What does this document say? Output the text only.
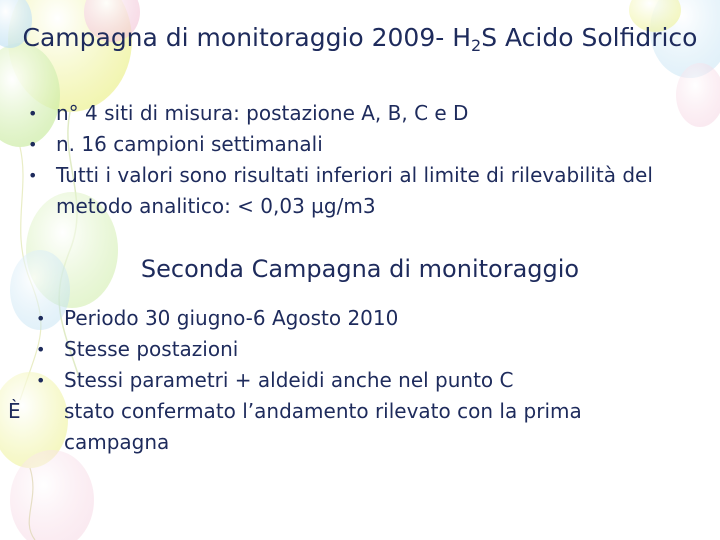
Campagna di monitoraggio 2009- $H_2S$ Acido Solfidrico
• n° 4 siti di misura: postazione A, B, C e D
• n. 16 campioni settimanali
• Tutti i valori sono risultati inferiori al limite di rilevabilità del metodo analitico: < 0,03 µg/m3
Seconda Campagna di monitoraggio
• Periodo 30 giugno-6 Agosto 2010
• Stesse postazioni
• Stessi parametri + aldeidi anche nel punto C
È stato confermato l’andamento rilevato con la prima campagna
